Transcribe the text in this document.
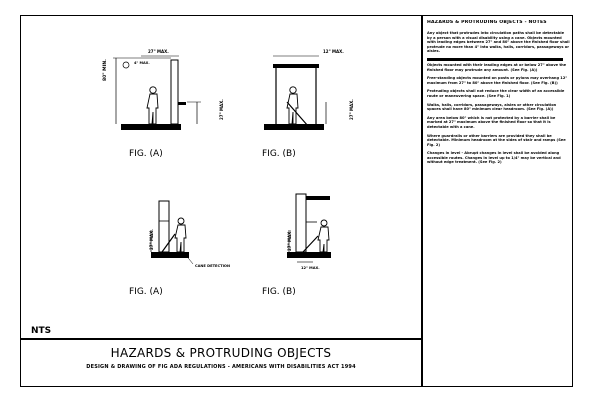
80" MIN.
27" MAX.
4" MAX.
27" MAX.
12" MAX.
27" MAX.
27" MAX.
CANE DETECTION
27" MAX.
12" MAX.
FIG. (A)	FIG. (B)
FIG. (A)	FIG. (B)
NTS
HAZARDS & PROTRUDING OBJECTS
DESIGN & DRAWING OF FIG ADA REGULATIONS - AMERICANS WITH DISABILITIES ACT 1994
HAZARDS & PROTRUDING OBJECTS - NOTES
Any object that protrudes into circulation paths shall be detectable by a person with a visual disability using a cane. Objects mounted with leading edges between 27" and 80" above the finished floor shall protrude no more than 4" into walks, halls, corridors, passageways or aisles.
Objects mounted with their leading edges at or below 27" above the finished floor may protrude any amount. (See Fig. (A))
Free-standing objects mounted on posts or pylons may overhang 12" maximum from 27" to 80" above the finished floor. (See Fig. (B))
Protruding objects shall not reduce the clear width of an accessible route or maneuvering space. (See Fig. 1)
Walks, halls, corridors, passageways, aisles or other circulation spaces shall have 80" minimum clear headroom. (See Fig. (A))
Any area below 80" which is not protected by a barrier shall be marked at 27" maximum above the finished floor so that it is detectable with a cane.
Where guardrails or other barriers are provided they shall be detectable. Minimum headroom at the sides of stair and ramps (See Fig. 2)
Changes in level - Abrupt changes in level shall be avoided along accessible routes. Changes in level up to 1/4" may be vertical and without edge treatment. (See Fig. 2)
